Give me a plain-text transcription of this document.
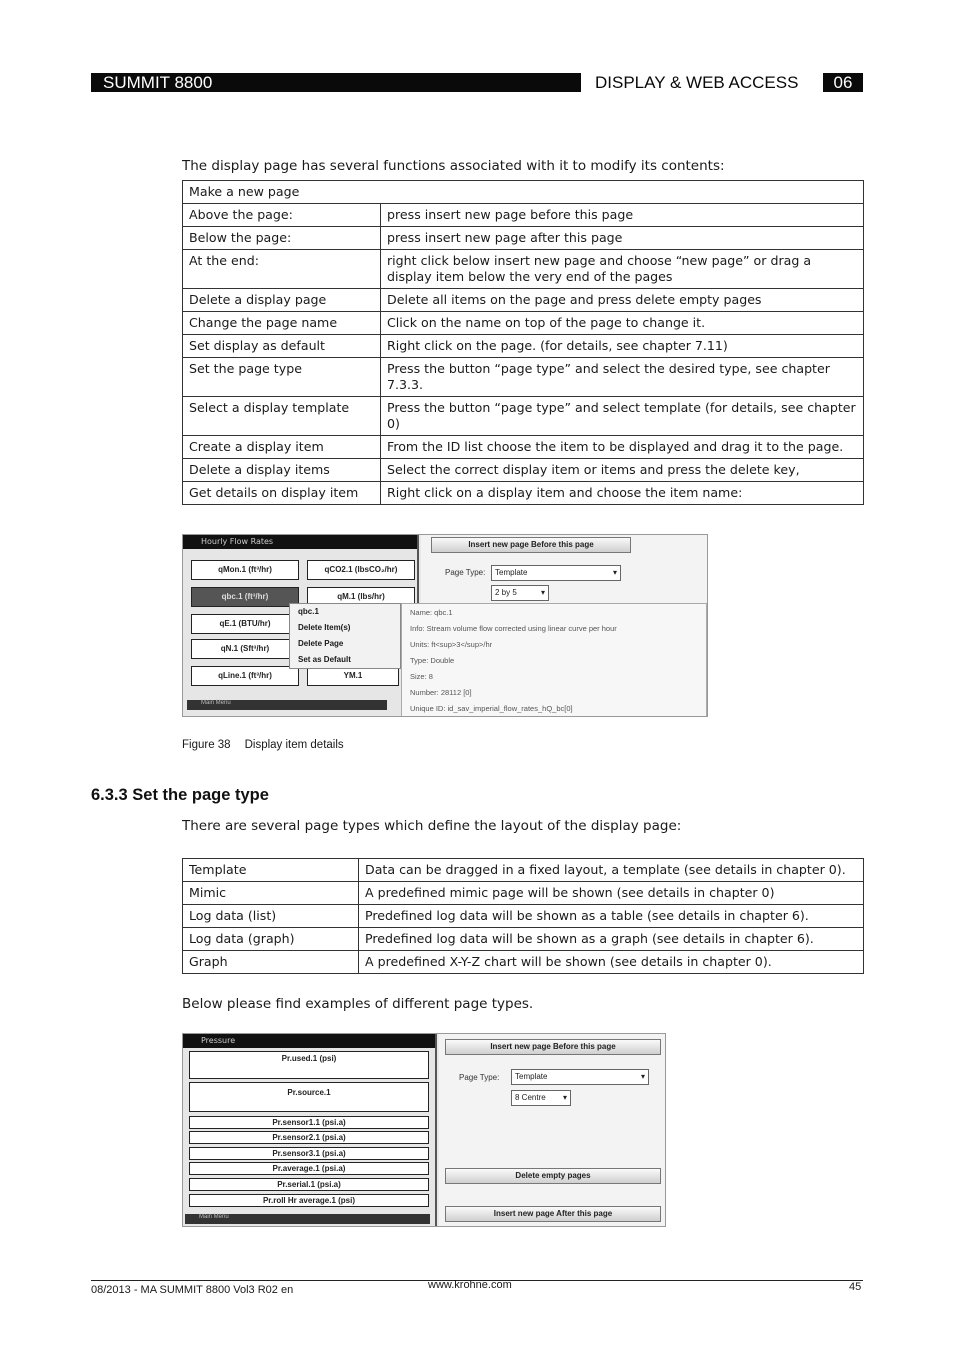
SUMMIT 8800	DISPLAY & WEB ACCESS	06
The display page has several functions associated with it to modify its contents:
Make a new page	
Above the page:	press insert new page before this page
Below the page:	press insert new page after this page
At the end:	right click below insert new page and choose “new page” or drag a display item below the very end of the pages
Delete a display page	Delete all items on the page and press delete empty pages
Change the page name	Click on the name on top of the page to change it.
Set display as default	Right click on the page. (for details, see chapter 7.11)
Set the page type	Press the button “page type” and select the desired type, see chapter 7.3.3.
Select a display template	Press the button “page type” and select template (for details, see chapter 0)
Create a display item	From the ID list choose the item to be displayed and drag it to the page.
Delete a display items	Select the correct display item or items and press the delete key,
Get details on display item	Right click on a display item and choose the item name:
Hourly Flow Rates
qMon.1 (ft³/hr)	qCO2.1 (lbsCO₂/hr)
qbc.1 (ft³/hr)	qM.1 (lbs/hr)
qE.1 (BTU/hr)
qN.1 (Sft³/hr)
qLine.1 (ft³/hr)	YM.1
Main Menu
Insert new page Before this page
Page Type:	Template ▾
2 by 5 ▾
qbc.1
Delete Item(s)
Delete Page
Set as Default
Name: qbc.1
Info: Stream volume flow corrected using linear curve per hour
Units: ft<sup>3</sup>/hr
Type: Double
Size: 8
Number: 28112 [0]
Unique ID: id_sav_imperial_flow_rates_hQ_bc[0]
Figure 38 Display item details
6.3.3 Set the page type
There are several page types which define the layout of the display page:
Template	Data can be dragged in a fixed layout, a template (see details in chapter 0).
Mimic	A predefined mimic page will be shown (see details in chapter 0)
Log data (list)	Predefined log data will be shown as a table (see details in chapter 6).
Log data (graph)	Predefined log data will be shown as a graph (see details in chapter 6).
Graph	A predefined X-Y-Z chart will be shown (see details in chapter 0).
Below please find examples of different page types.
Pressure
Pr.used.1 (psi)
Pr.source.1
Pr.sensor1.1 (psi.a)
Pr.sensor2.1 (psi.a)
Pr.sensor3.1 (psi.a)
Pr.average.1 (psi.a)
Pr.serial.1 (psi.a)
Pr.roll Hr average.1 (psi)
Main Menu
Insert new page Before this page
Page Type:	Template ▾
8 Centre ▾
Delete empty pages
Insert new page After this page
08/2013 - MA SUMMIT 8800 Vol3 R02 en	www.krohne.com	45
